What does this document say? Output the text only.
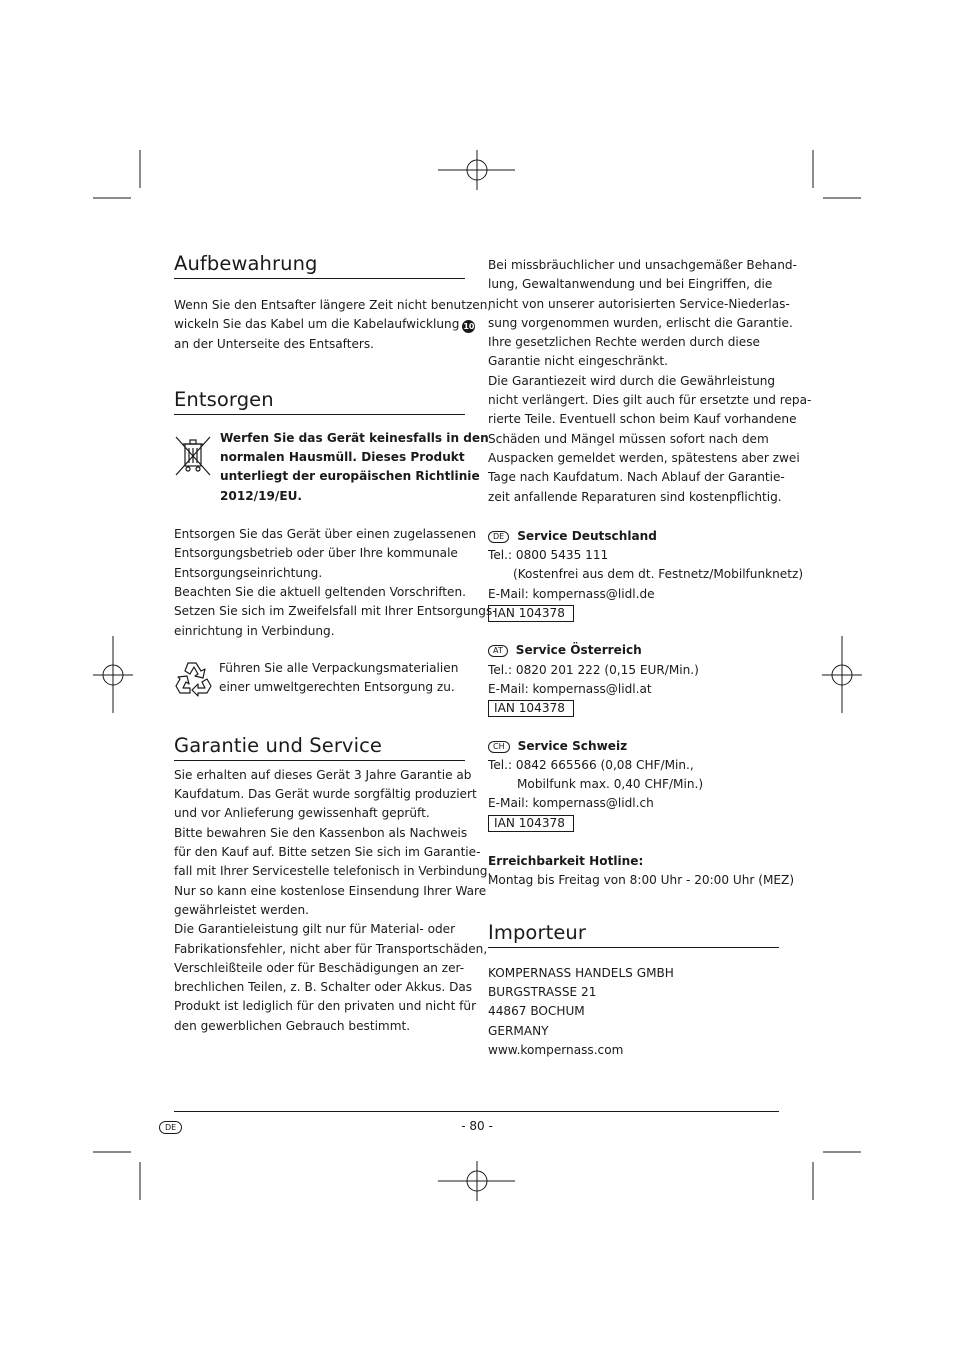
Aufbewahrung
Wenn Sie den Entsafter längere Zeit nicht benutzen,
wickeln Sie das Kabel um die Kabelaufwicklung 10
an der Unterseite des Entsafters.
Entsorgen
Werfen Sie das Gerät keinesfalls in den
normalen Hausmüll. Dieses Produkt
unterliegt der europäischen Richtlinie
2012/19/EU.
Entsorgen Sie das Gerät über einen zugelassenen
Entsorgungsbetrieb oder über Ihre kommunale
Entsorgungseinrichtung.
Beachten Sie die aktuell geltenden Vorschriften.
Setzen Sie sich im Zweifelsfall mit Ihrer Entsorgungs-
einrichtung in Verbindung.
Führen Sie alle Verpackungsmaterialien
einer umweltgerechten Entsorgung zu.
Garantie und Service
Sie erhalten auf dieses Gerät 3 Jahre Garantie ab
Kaufdatum. Das Gerät wurde sorgfältig produziert
und vor Anlieferung gewissenhaft geprüft.
Bitte bewahren Sie den Kassenbon als Nachweis
für den Kauf auf. Bitte setzen Sie sich im Garantie-
fall mit Ihrer Servicestelle telefonisch in Verbindung.
Nur so kann eine kostenlose Einsendung Ihrer Ware
gewährleistet werden.
Die Garantieleistung gilt nur für Material- oder
Fabrikationsfehler, nicht aber für Transportschäden,
Verschleißteile oder für Beschädigungen an zer-
brechlichen Teilen, z. B. Schalter oder Akkus. Das
Produkt ist lediglich für den privaten und nicht für
den gewerblichen Gebrauch bestimmt.
Bei missbräuchlicher und unsachgemäßer Behand-
lung, Gewaltanwendung und bei Eingriffen, die
nicht von unserer autorisierten Service-Niederlas-
sung vorgenommen wurden, erlischt die Garantie.
Ihre gesetzlichen Rechte werden durch diese
Garantie nicht eingeschränkt.
Die Garantiezeit wird durch die Gewährleistung
nicht verlängert. Dies gilt auch für ersetzte und repa-
rierte Teile. Eventuell schon beim Kauf vorhandene
Schäden und Mängel müssen sofort nach dem
Auspacken gemeldet werden, spätestens aber zwei
Tage nach Kaufdatum. Nach Ablauf der Garantie-
zeit anfallende Reparaturen sind kostenpflichtig.
DE Service Deutschland
Tel.: 0800 5435 111
(Kostenfrei aus dem dt. Festnetz/Mobilfunknetz)
E-Mail: kompernass@lidl.de
IAN 104378
AT Service Österreich
Tel.: 0820 201 222 (0,15 EUR/Min.)
E-Mail: kompernass@lidl.at
IAN 104378
CH Service Schweiz
Tel.: 0842 665566 (0,08 CHF/Min.,
Mobilfunk max. 0,40 CHF/Min.)
E-Mail: kompernass@lidl.ch
IAN 104378
Erreichbarkeit Hotline:
Montag bis Freitag von 8:00 Uhr - 20:00 Uhr (MEZ)
Importeur
KOMPERNASS HANDELS GMBH
BURGSTRASSE 21
44867 BOCHUM
GERMANY
www.kompernass.com
DE	- 80 -
